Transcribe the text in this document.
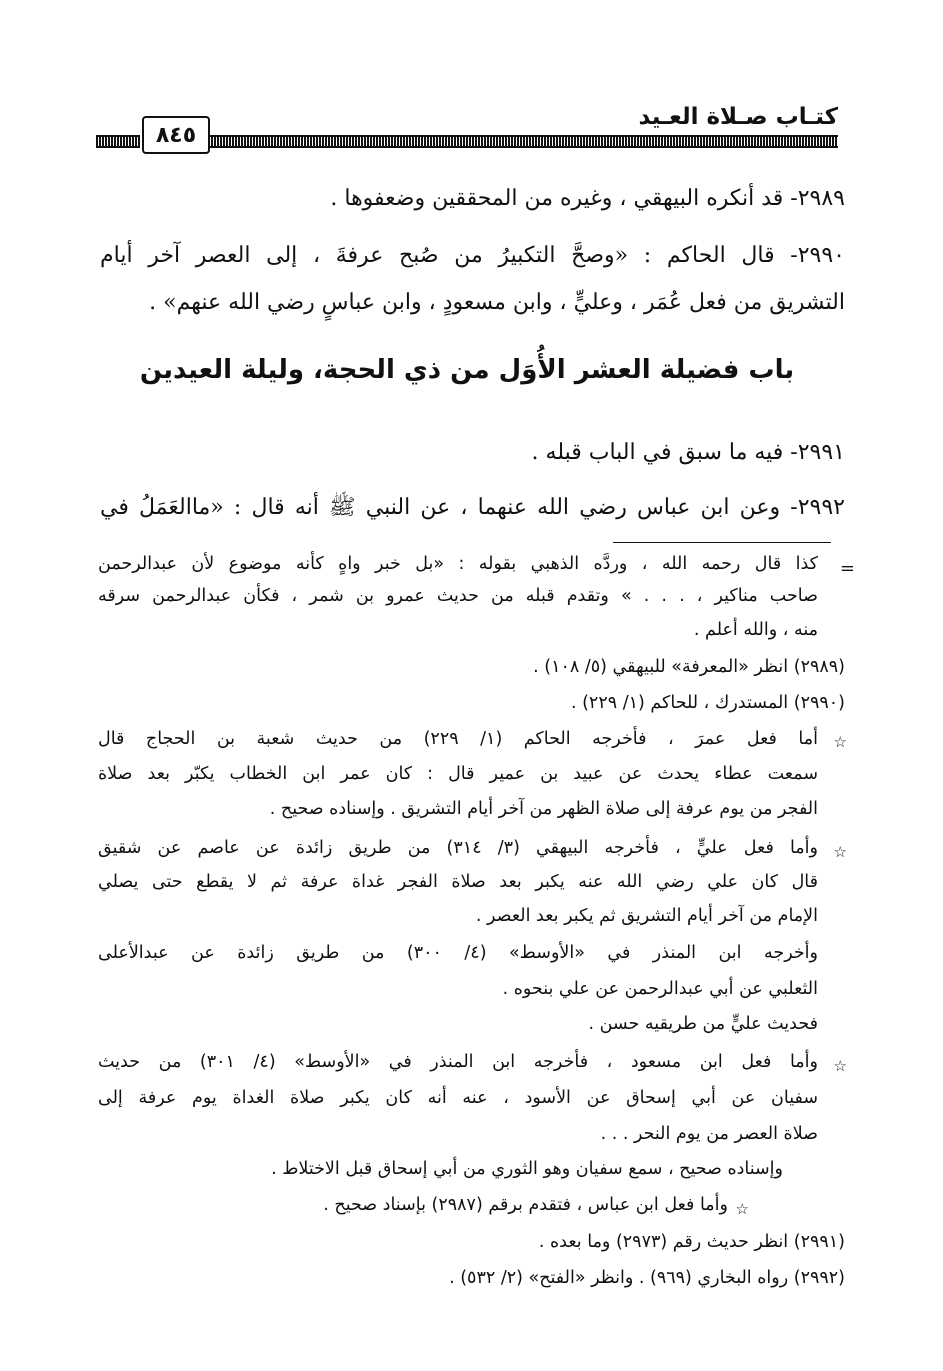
كتـاب صـلاة العـيد
٨٤٥
٢٩٨٩- قد أنكره البيهقي ، وغيره من المحققين وضعفوها .
٢٩٩٠- قال الحاكم : «وصحَّ التكبيرُ من صُبح عرفةَ ، إلى العصر آخر أيام
التشريق من فعل عُمَر ، وعليٍّ ، وابن مسعودٍ ، وابن عباسٍ رضي الله عنهم» .
٢٩٩١- فيه ما سبق في الباب قبله .
٢٩٩٢- وعن ابن عباس رضي الله عنهما ، عن النبي ﷺ أنه قال : «ماالعَمَلُ في
باب فضيلة العشر الأُوَل من ذي الحجة، وليلة العيدين
=
كذا قال رحمه الله ، وردَّه الذهبي بقوله : «بل خبر واهٍ كأنه موضوع لأن عبدالرحمن
صاحب مناكير ، . . . » وتقدم قبله من حديث عمرو بن شمر ، فكأن عبدالرحمن سرقه
منه ، والله أعلم .
(٢٩٨٩) انظر «المعرفة» للبيهقي (٥/ ١٠٨) .
(٢٩٩٠) المستدرك ، للحاكم (١/ ٢٢٩) .
☆
أما فعل عمرَ ، فأخرجه الحاكم (١/ ٢٢٩) من حديث شعبة بن الحجاج قال
سمعت عطاء يحدث عن عبيد بن عمير قال : كان عمر ابن الخطاب يكبّر بعد صلاة
الفجر من يوم عرفة إلى صلاة الظهر من آخر أيام التشريق . وإسناده صحيح .
☆
وأما فعل عليٍّ ، فأخرجه البيهقي (٣/ ٣١٤) من طريق زائدة عن عاصم عن شقيق
قال كان علي رضي الله عنه يكبر بعد صلاة الفجر غداة عرفة ثم لا يقطع حتى يصلي
الإمام من آخر أيام التشريق ثم يكبر بعد العصر .
وأخرجه ابن المنذر في «الأوسط» (٤/ ٣٠٠) من طريق زائدة عن عبدالأعلى
الثعلبي عن أبي عبدالرحمن عن علي بنحوه .
فحديث عليٍّ من طريقيه حسن .
☆
وأما فعل ابن مسعود ، فأخرجه ابن المنذر في «الأوسط» (٤/ ٣٠١) من حديث
سفيان عن أبي إسحاق عن الأسود ، عنه أنه كان يكبر صلاة الغداة يوم عرفة إلى
صلاة العصر من يوم النحر . . .
وإسناده صحيح ، سمع سفيان وهو الثوري من أبي إسحاق قبل الاختلاط .
☆
وأما فعل ابن عباس ، فتقدم برقم (٢٩٨٧) بإسناد صحيح .
(٢٩٩١) انظر حديث رقم (٢٩٧٣) وما بعده .
(٢٩٩٢) رواه البخاري (٩٦٩) . وانظر «الفتح» (٢/ ٥٣٢) .
